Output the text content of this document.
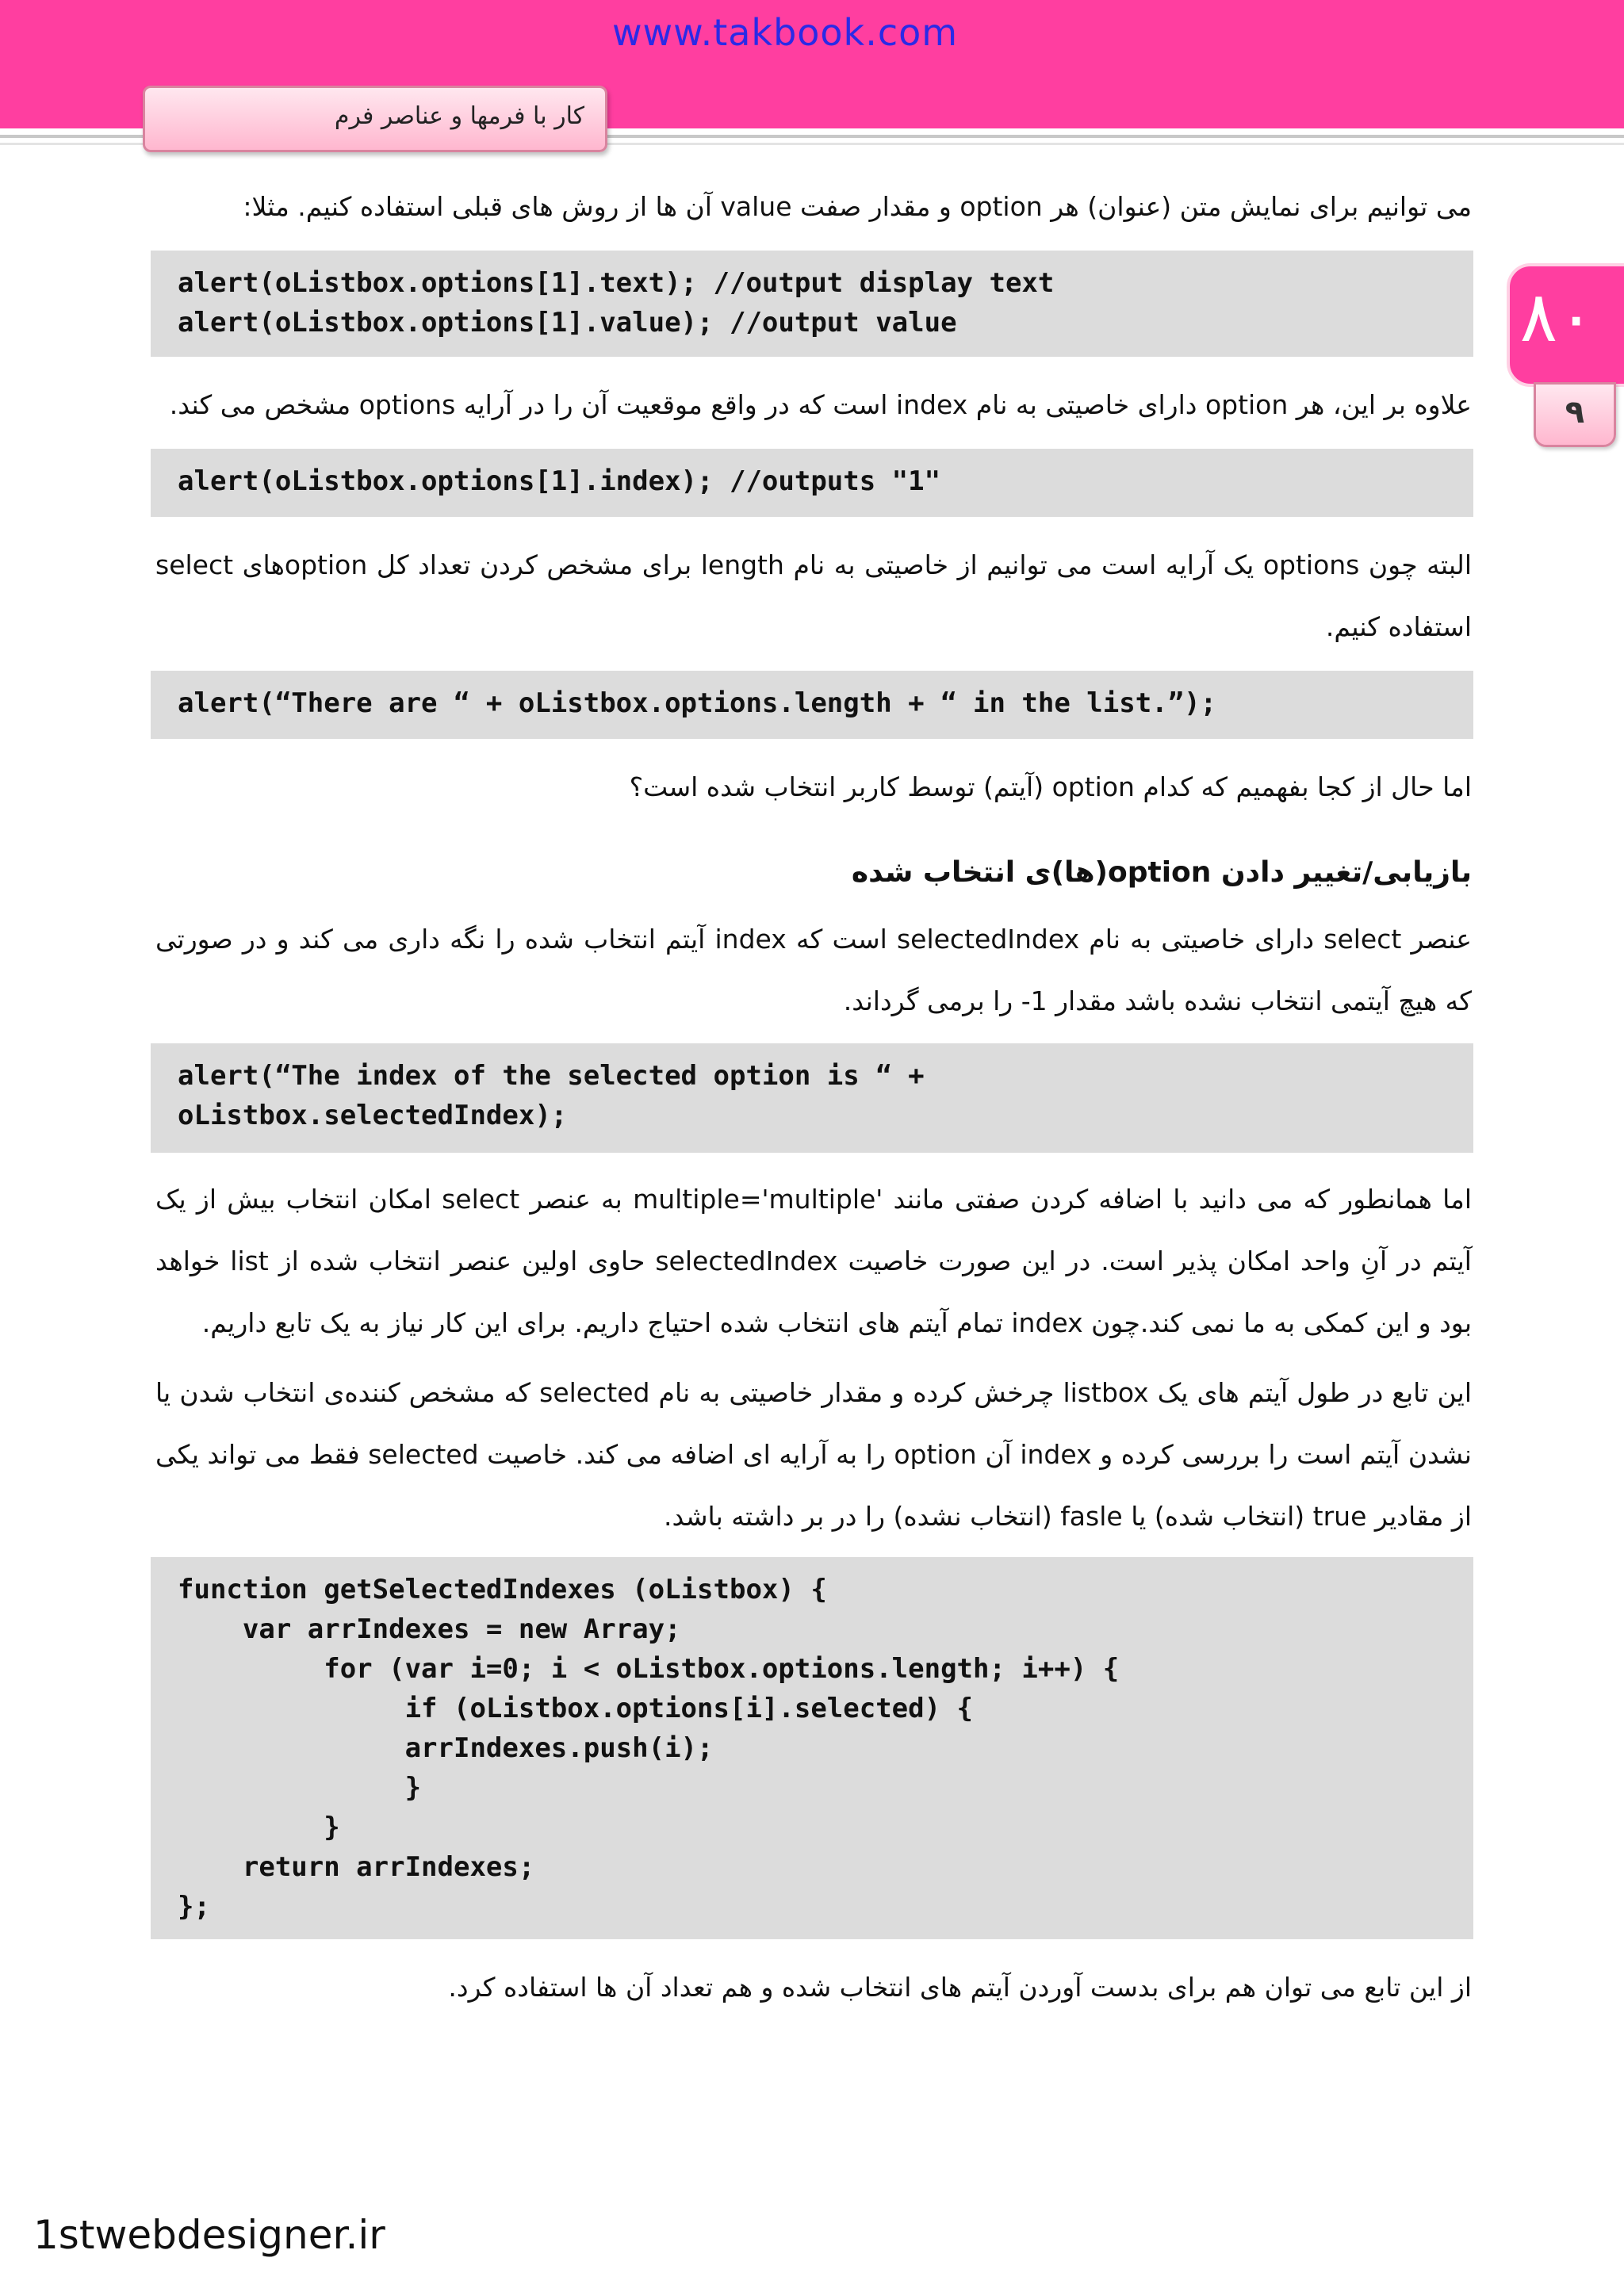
www.takbook.com
کار با فرمها و عناصر فرم
۸۰
۹

می توانیم برای نمایش متن (عنوان) هر option و مقدار صفت value آن ها از روش های قبلی استفاده کنیم. مثلا:

alert(oListbox.options[1].text); //output display text
alert(oListbox.options[1].value); //output value

علاوه بر این، هر option دارای خاصیتی به نام index است که در واقع موقعیت آن را در آرایه options مشخص می کند.

alert(oListbox.options[1].index); //outputs "1"

البته چون options یک آرایه است می توانیم از خاصیتی به نام length برای مشخص کردن تعداد کل optionهای select استفاده کنیم.

alert(“There are “ + oListbox.options.length + “ in the list.”);

اما حال از کجا بفهمیم که کدام option (آیتم) توسط کاربر انتخاب شده است؟

بازیابی/تغییر دادن option(ها)ی انتخاب شده

عنصر select دارای خاصیتی به نام selectedIndex است که index آیتم انتخاب شده را نگه داری می کند و در صورتی که هیچ آیتمی انتخاب نشده باشد مقدار 1- را برمی گرداند.

alert(“The index of the selected option is “ +
oListbox.selectedIndex);

اما همانطور که می دانید با اضافه کردن صفتی مانند 'multiple='multiple به عنصر select امکان انتخاب بیش از یک آیتم در آنِ واحد امکان پذیر است. در این صورت خاصیت selectedIndex حاوی اولین عنصر انتخاب شده از list خواهد بود و این کمکی به ما نمی کند.چون index تمام آیتم های انتخاب شده احتیاج داریم. برای این کار نیاز به یک تابع داریم.

این تابع در طول آیتم های یک listbox چرخش کرده و مقدار خاصیتی به نام selected که مشخص کننده‌ی انتخاب شدن یا نشدن آیتم است را بررسی کرده و index آن option را به آرایه ای اضافه می کند. خاصیت selected فقط می تواند یکی از مقادیر true (انتخاب شده) یا fasle (انتخاب نشده) را در بر داشته باشد.

function getSelectedIndexes (oListbox) {
var arrIndexes = new Array;
for (var i=0; i < oListbox.options.length; i++) {
if (oListbox.options[i].selected) {
arrIndexes.push(i);
}
}
return arrIndexes;
};

از این تابع می توان هم برای بدست آوردن آیتم های انتخاب شده و هم تعداد آن ها استفاده کرد.

1stwebdesigner.ir
